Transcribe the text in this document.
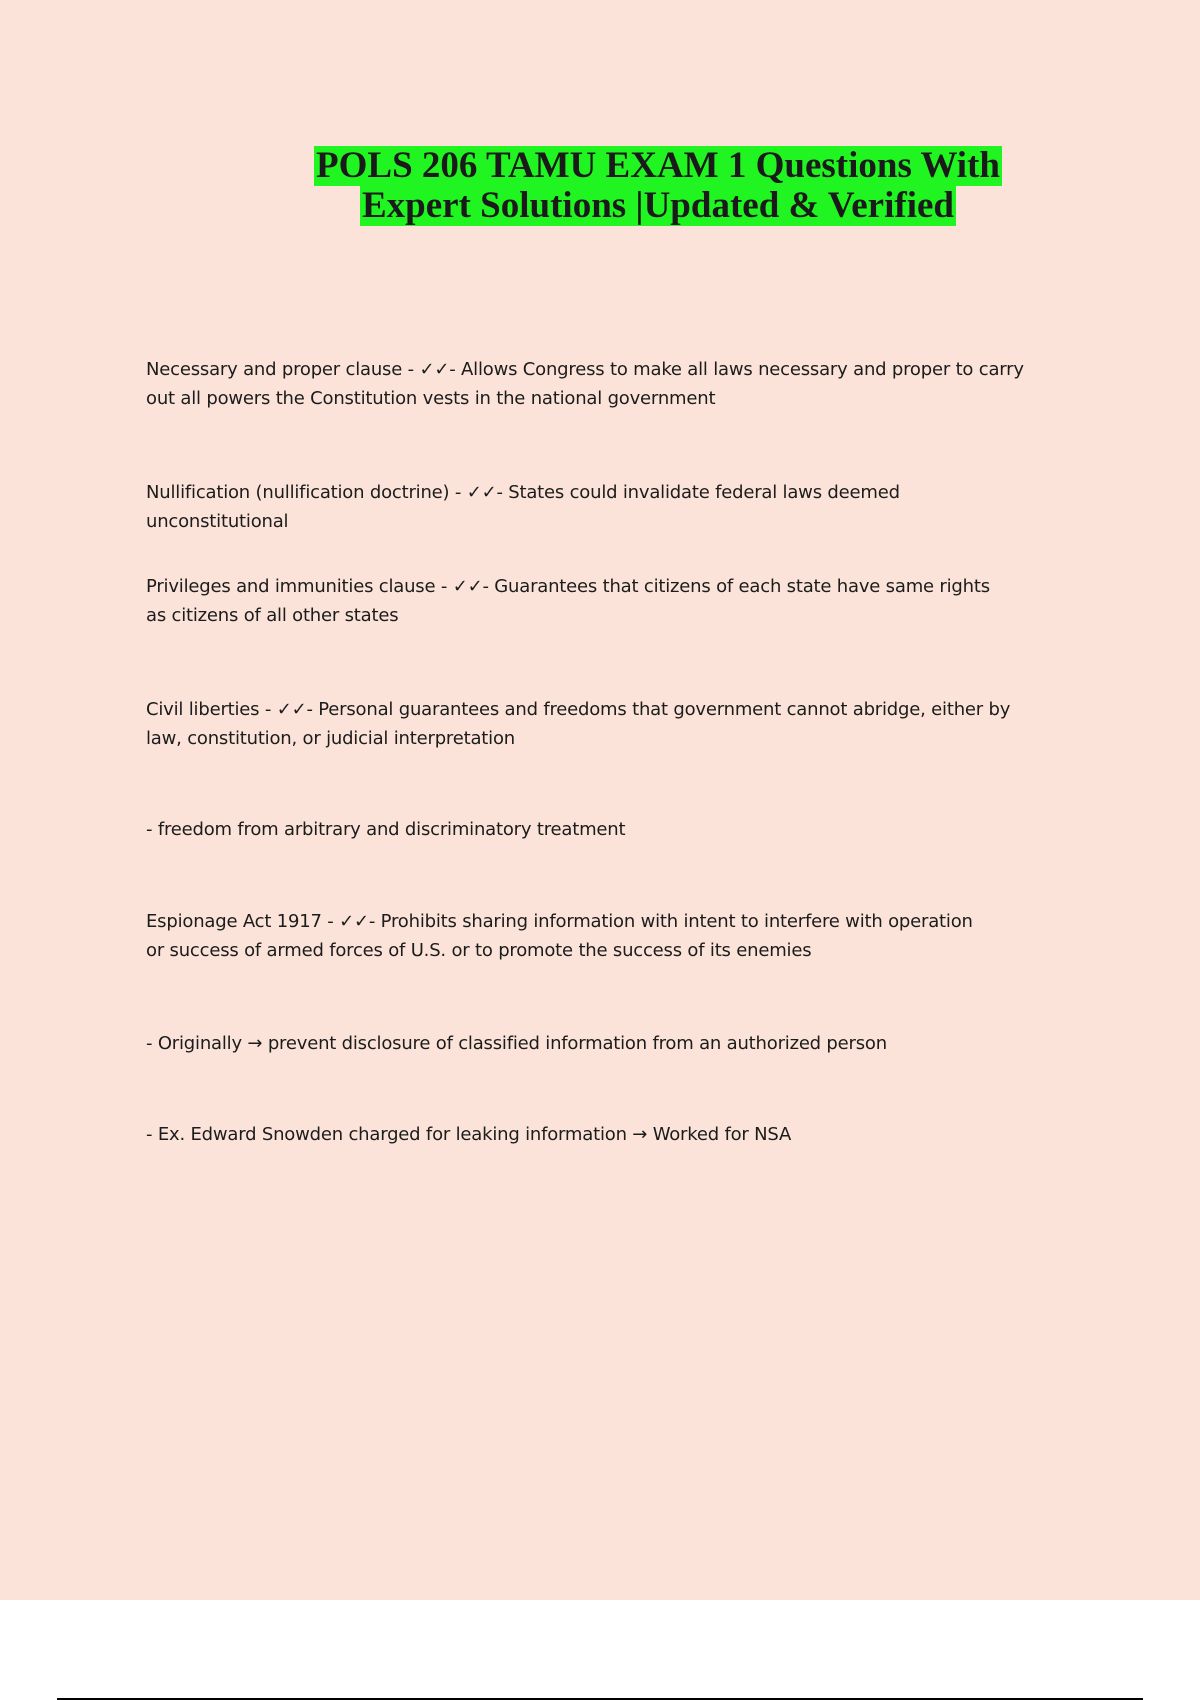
POLS 206 TAMU EXAM 1 Questions With
Expert Solutions |Updated & Verified
Necessary and proper clause - ✓✓- Allows Congress to make all laws necessary and proper to carry
out all powers the Constitution vests in the national government
Nullification (nullification doctrine) - ✓✓- States could invalidate federal laws deemed unconstitutional
Privileges and immunities clause - ✓✓- Guarantees that citizens of each state have same rights
as citizens of all other states
Civil liberties - ✓✓- Personal guarantees and freedoms that government cannot abridge, either by
law, constitution, or judicial interpretation
- freedom from arbitrary and discriminatory treatment
Espionage Act 1917 - ✓✓- Prohibits sharing information with intent to interfere with operation
or success of armed forces of U.S. or to promote the success of its enemies
- Originally → prevent disclosure of classified information from an authorized person
- Ex. Edward Snowden charged for leaking information → Worked for NSA
